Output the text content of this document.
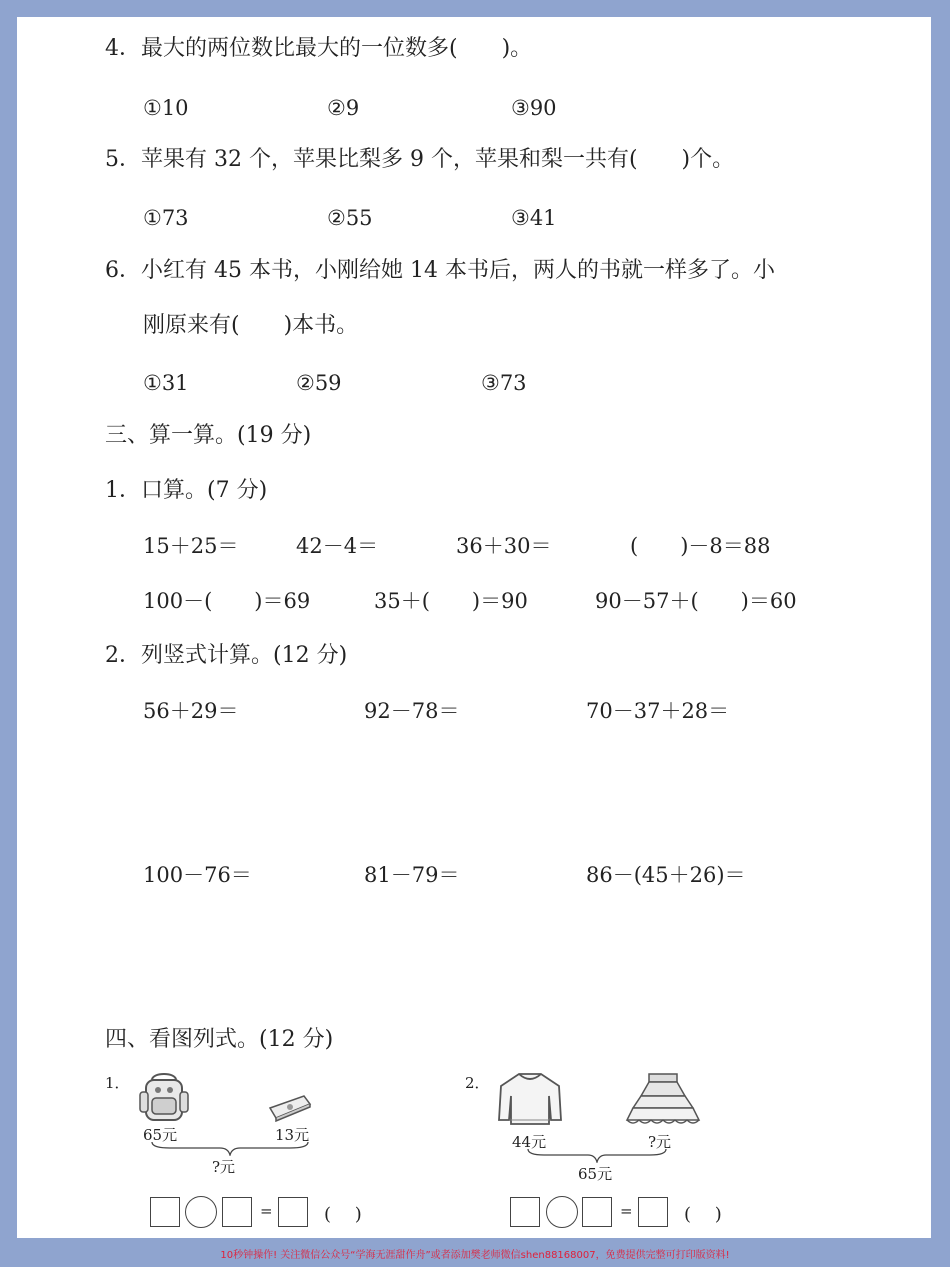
4．最大的两位数比最大的一位数多(　　)。
①10	②9	③90
5．苹果有 32 个，苹果比梨多 9 个，苹果和梨一共有(　　)个。
①73	②55	③41
6．小红有 45 本书，小刚给她 14 本书后，两人的书就一样多了。小
刚原来有(　　)本书。
①31	②59	③73
三、算一算。(19 分)
1．口算。(7 分)
15＋25＝	42－4＝	36＋30＝	(　　)－8＝88
100－(　　)＝69	35＋(　　)＝90	90－57＋(　　)＝60
2．列竖式计算。(12 分)
56＋29＝	92－78＝	70－37＋28＝
100－76＝	81－79＝	86－(45＋26)＝
四、看图列式。(12 分)
1．
65元	13元
?元
=	(　 )
2．
44元	?元
65元
=	(　 )
10秒钟操作! 关注微信公众号“学海无涯甜作舟”或者添加樊老师微信shen88168007，免费提供完整可打印版资料!
